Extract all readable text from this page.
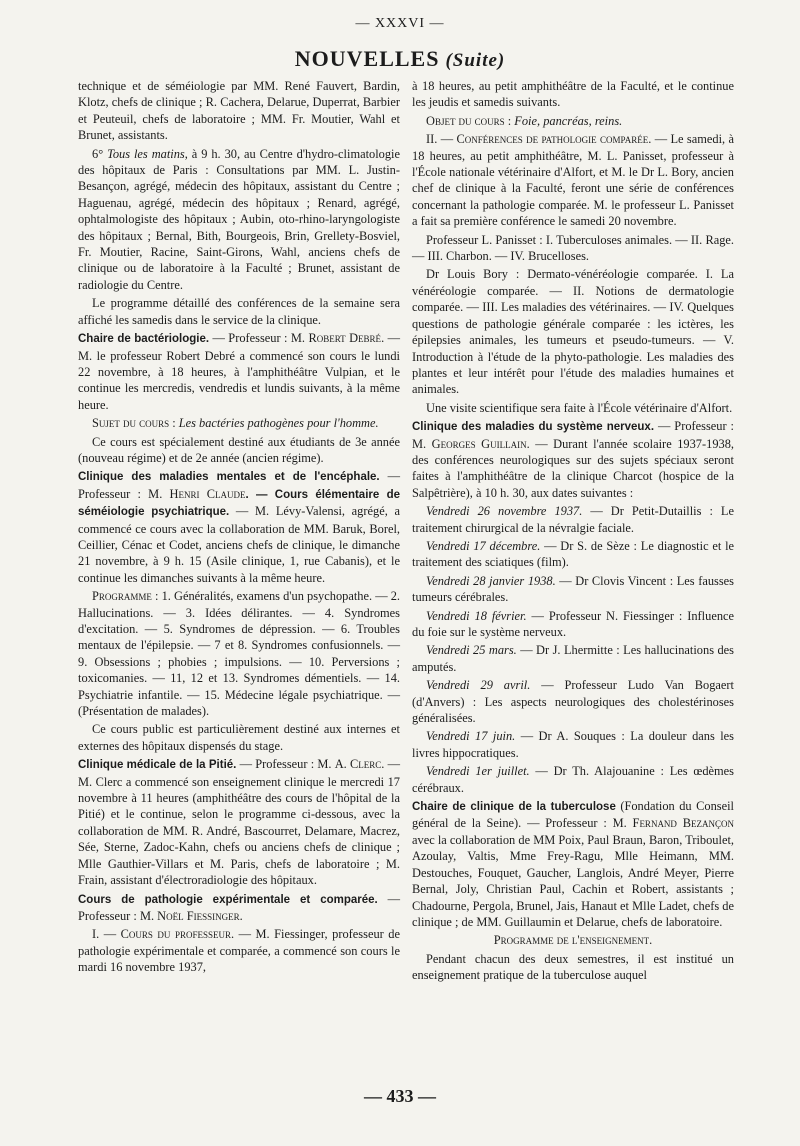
— XXXVI —
NOUVELLES (Suite)

technique et de séméiologie par MM. René Fauvert, Bardin, Klotz, chefs de clinique ; R. Cachera, Delarue, Duperrat, Barbier et Peuteuil, chefs de laboratoire ; MM. Fr. Moutier, Wahl et Brunet, assistants.

6° Tous les matins, à 9 h. 30, au Centre d'hydro-climatologie des hôpitaux de Paris : Consultations par MM. L. Justin-Besançon, agrégé, médecin des hôpitaux, assistant du Centre ; Haguenau, agrégé, médecin des hôpitaux ; Renard, agrégé, ophtalmologiste des hôpitaux ; Aubin, oto-rhino-laryngologiste des hôpitaux ; Bernal, Bith, Bourgeois, Brin, Grellety-Bosviel, Fr. Moutier, Racine, Saint-Girons, Wahl, anciens chefs de clinique ou de laboratoire à la Faculté ; Brunet, assistant de radiologie du Centre.

Le programme détaillé des conférences de la semaine sera affiché les samedis dans le service de la clinique.

Chaire de bactériologie. — Professeur : M. Robert Debré. — M. le professeur Robert Debré a commencé son cours le lundi 22 novembre, à 18 heures, à l'amphithéâtre Vulpian, et le continue les mercredis, vendredis et lundis suivants, à la même heure.

Sujet du cours : Les bactéries pathogènes pour l'homme.

Ce cours est spécialement destiné aux étudiants de 3e année (nouveau régime) et de 2e année (ancien régime).

Clinique des maladies mentales et de l'encéphale. — Professeur : M. Henri Claude. — Cours élémentaire de séméiologie psychiatrique. — M. Lévy-Valensi, agrégé, a commencé ce cours avec la collaboration de MM. Baruk, Borel, Ceillier, Cénac et Codet, anciens chefs de clinique, le dimanche 21 novembre, à 9 h. 15 (Asile clinique, 1, rue Cabanis), et le continue les dimanches suivants à la même heure.

Programme : 1. Généralités, examens d'un psychopathe. — 2. Hallucinations. — 3. Idées délirantes. — 4. Syndromes d'excitation. — 5. Syndromes de dépression. — 6. Troubles mentaux de l'épilepsie. — 7 et 8. Syndromes confusionnels. — 9. Obsessions ; phobies ; impulsions. — 10. Perversions ; toxicomanies. — 11, 12 et 13. Syndromes démentiels. — 14. Psychiatrie infantile. — 15. Médecine légale psychiatrique. — (Présentation de malades).

Ce cours public est particulièrement destiné aux internes et externes des hôpitaux dispensés du stage.

Clinique médicale de la Pitié. — Professeur : M. A. Clerc. — M. Clerc a commencé son enseignement clinique le mercredi 17 novembre à 11 heures (amphithéâtre des cours de l'hôpital de la Pitié) et le continue, selon le programme ci-dessous, avec la collaboration de MM. R. André, Bascourret, Delamare, Macrez, Sée, Sterne, Zadoc-Kahn, chefs ou anciens chefs de clinique ; Mlle Gauthier-Villars et M. Paris, chefs de laboratoire ; M. Frain, assistant d'électroradiologie des hôpitaux.

Cours de pathologie expérimentale et comparée. — Professeur : M. Noël Fiessinger.

I. — Cours du professeur. — M. Fiessinger, professeur de pathologie expérimentale et comparée, a commencé son cours le mardi 16 novembre 1937,

à 18 heures, au petit amphithéâtre de la Faculté, et le continue les jeudis et samedis suivants.

Objet du cours : Foie, pancréas, reins.

II. — Conférences de pathologie comparée. — Le samedi, à 18 heures, au petit amphithéâtre, M. L. Panisset, professeur à l'École nationale vétérinaire d'Alfort, et M. le Dr L. Bory, ancien chef de clinique à la Faculté, feront une série de conférences concernant la pathologie comparée. M. le professeur L. Panisset a fait sa première conférence le samedi 20 novembre.

Professeur L. Panisset : I. Tuberculoses animales. — II. Rage. — III. Charbon. — IV. Brucelloses.

Dr Louis Bory : Dermato-vénéréologie comparée. I. La vénéréologie comparée. — II. Notions de dermatologie comparée. — III. Les maladies des vétérinaires. — IV. Quelques questions de pathologie générale comparée : les ictères, les épilepsies animales, les tumeurs et pseudo-tumeurs. — V. Introduction à l'étude de la phyto-pathologie. Les maladies des plantes et leur intérêt pour l'étude des maladies humaines et animales.

Une visite scientifique sera faite à l'École vétérinaire d'Alfort.

Clinique des maladies du système nerveux. — Professeur : M. Georges Guillain. — Durant l'année scolaire 1937-1938, des conférences neurologiques sur des sujets spéciaux seront faites à l'amphithéâtre de la clinique Charcot (hospice de la Salpêtrière), à 10 h. 30, aux dates suivantes :

Vendredi 26 novembre 1937. — Dr Petit-Dutaillis : Le traitement chirurgical de la névralgie faciale.

Vendredi 17 décembre. — Dr S. de Sèze : Le diagnostic et le traitement des sciatiques (film).

Vendredi 28 janvier 1938. — Dr Clovis Vincent : Les fausses tumeurs cérébrales.

Vendredi 18 février. — Professeur N. Fiessinger : Influence du foie sur le système nerveux.

Vendredi 25 mars. — Dr J. Lhermitte : Les hallucinations des amputés.

Vendredi 29 avril. — Professeur Ludo Van Bogaert (d'Anvers) : Les aspects neurologiques des cholestérinoses généralisées.

Vendredi 17 juin. — Dr A. Souques : La douleur dans les livres hippocratiques.

Vendredi 1er juillet. — Dr Th. Alajouanine : Les œdèmes cérébraux.

Chaire de clinique de la tuberculose (Fondation du Conseil général de la Seine). — Professeur : M. Fernand Bezançon avec la collaboration de MM Poix, Paul Braun, Baron, Triboulet, Azoulay, Valtis, Mme Frey-Ragu, Mlle Heimann, MM. Destouches, Fouquet, Gaucher, Langlois, André Meyer, Pierre Bernal, Joly, Christian Paul, Cachin et Robert, assistants ; Chadourne, Pergola, Brunel, Jais, Hanaut et Mlle Ladet, chefs de clinique ; de MM. Guillaumin et Delarue, chefs de laboratoire.

Programme de l'enseignement.

Pendant chacun des deux semestres, il est institué un enseignement pratique de la tuberculose auquel

— 433 —
